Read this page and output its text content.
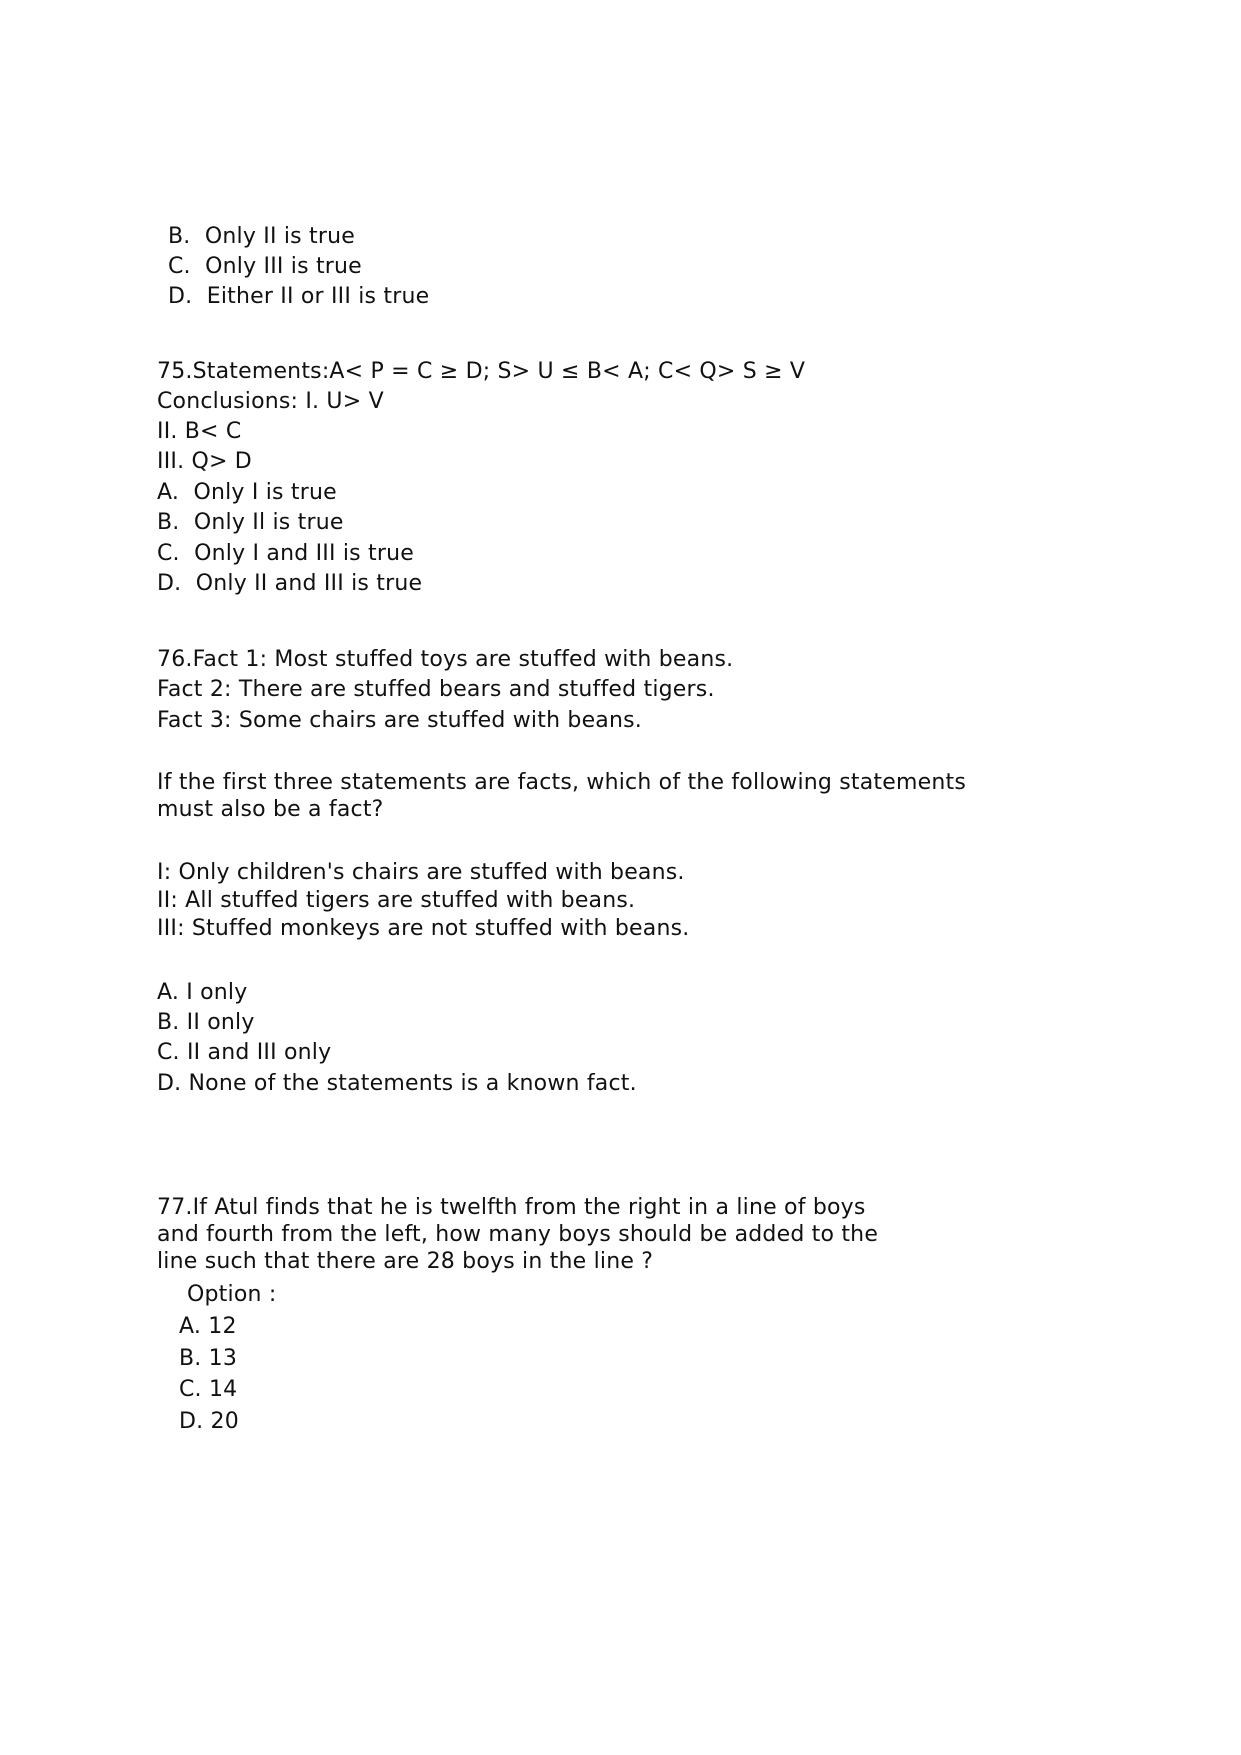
B.  Only II is true
C.  Only III is true
D.  Either II or III is true
75.Statements:A< P = C ≥ D; S> U ≤ B< A; C< Q> S ≥ V
Conclusions: I. U> V
II. B< C
III. Q> D
A.  Only I is true
B.  Only Il is true
C.  Only I and III is true
D.  Only II and III is true
76.Fact 1: Most stuffed toys are stuffed with beans.
Fact 2: There are stuffed bears and stuffed tigers.
Fact 3: Some chairs are stuffed with beans.
If the first three statements are facts, which of the following statements
must also be a fact?
I: Only children's chairs are stuffed with beans.
II: All stuffed tigers are stuffed with beans.
III: Stuffed monkeys are not stuffed with beans.
A. I only
B. II only
C. II and III only
D. None of the statements is a known fact.
77.If Atul finds that he is twelfth from the right in a line of boys
and fourth from the left, how many boys should be added to the
line such that there are 28 boys in the line ?
Option :
A. 12
B. 13
C. 14
D. 20
